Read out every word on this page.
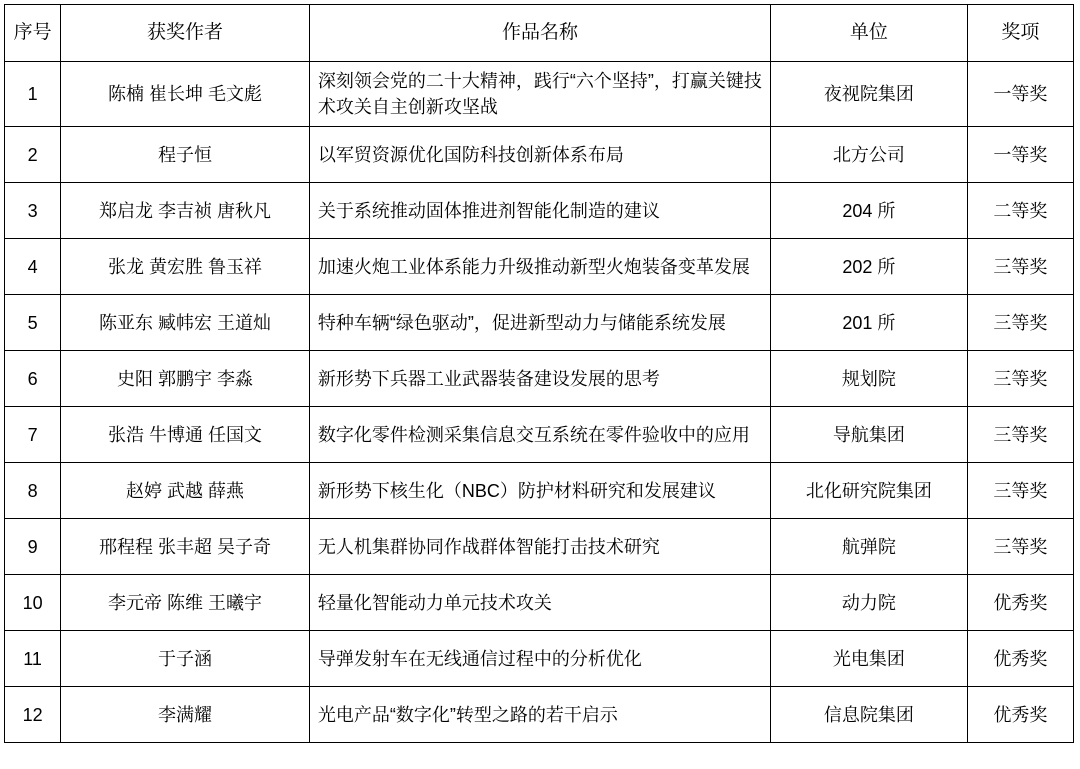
序号	获奖作者	作品名称	单位	奖项
1	陈楠 崔长坤 毛文彪	深刻领会党的二十大精神，践行“六个坚持”，打赢关键技术攻关自主创新攻坚战	夜视院集团	一等奖
2	程子恒	以军贸资源优化国防科技创新体系布局	北方公司	一等奖
3	郑启龙 李吉祯 唐秋凡	关于系统推动固体推进剂智能化制造的建议	204 所	二等奖
4	张龙 黄宏胜 鲁玉祥	加速火炮工业体系能力升级推动新型火炮装备变革发展	202 所	三等奖
5	陈亚东 臧帏宏 王道灿	特种车辆“绿色驱动”，促进新型动力与储能系统发展	201 所	三等奖
6	史阳 郭鹏宇 李淼	新形势下兵器工业武器装备建设发展的思考	规划院	三等奖
7	张浩 牛博通 任国文	数字化零件检测采集信息交互系统在零件验收中的应用	导航集团	三等奖
8	赵婷 武越 薛燕	新形势下核生化（NBC）防护材料研究和发展建议	北化研究院集团	三等奖
9	邢程程 张丰超 吴子奇	无人机集群协同作战群体智能打击技术研究	航弹院	三等奖
10	李元帝 陈维 王曦宇	轻量化智能动力单元技术攻关	动力院	优秀奖
11	于子涵	导弹发射车在无线通信过程中的分析优化	光电集团	优秀奖
12	李满耀	光电产品“数字化”转型之路的若干启示	信息院集团	优秀奖
